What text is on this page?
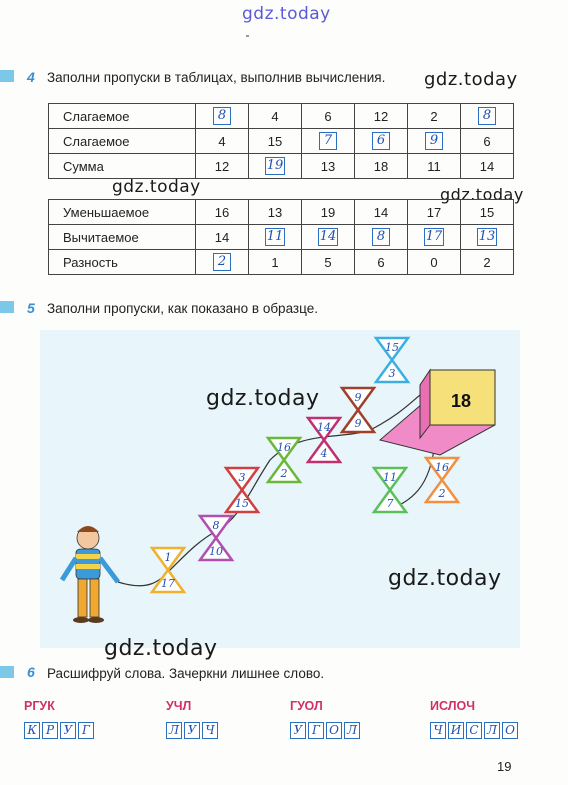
gdz.today
4 Заполни пропуски в таблицах, выполнив вычисления. gdz.today
Слагаемое	8	4	6	12	2	8
Слагаемое	4	15	7	6	9	6
Сумма	12	19	13	18	11	14
gdz.today	gdz.today
Уменьшаемое	16	13	19	14	17	15
Вычитаемое	14	11	14	8	17	13
Разность	2	1	5	6	0	2
5 Заполни пропуски, как показано в образце.
18
15
3
9
9
14
4
16
2
3
15
8
10
1
17
11
7
16
2
gdz.today
gdz.today
gdz.today
6 Расшифруй слова. Зачеркни лишнее слово.
РГУК
К Р У Г
УЧЛ
Л У Ч
ГУОЛ
У Г О Л
ИСЛОЧ
Ч И С Л О
19
